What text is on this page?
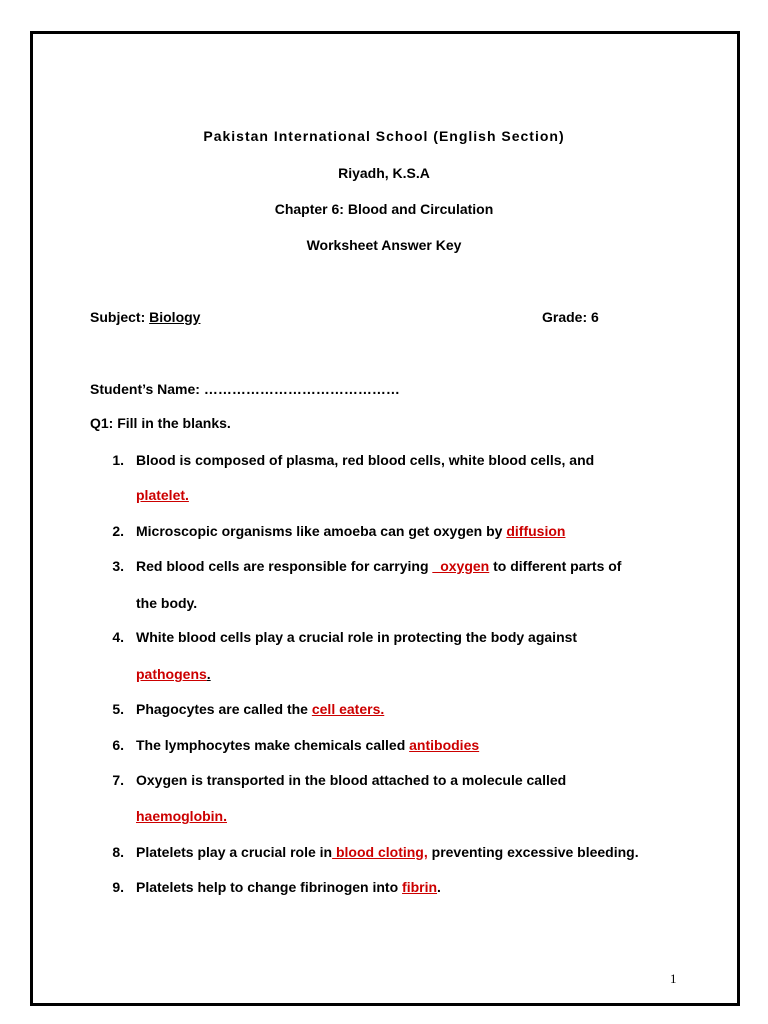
Pakistan International School (English Section)
Riyadh, K.S.A
Chapter 6: Blood and Circulation
Worksheet Answer Key
Subject: Biology	Grade: 6
Student’s Name: ……………………………………
Q1: Fill in the blanks.
1. Blood is composed of plasma, red blood cells, white blood cells, and
platelet.
2. Microscopic organisms like amoeba can get oxygen by diffusion
3. Red blood cells are responsible for carrying _oxygen to different parts of
the body.
4. White blood cells play a crucial role in protecting the body against
pathogens.
5. Phagocytes are called the cell eaters.
6. The lymphocytes make chemicals called antibodies
7. Oxygen is transported in the blood attached to a molecule called
haemoglobin.
8. Platelets play a crucial role in blood cloting, preventing excessive bleeding.
9. Platelets help to change fibrinogen into fibrin.
1
